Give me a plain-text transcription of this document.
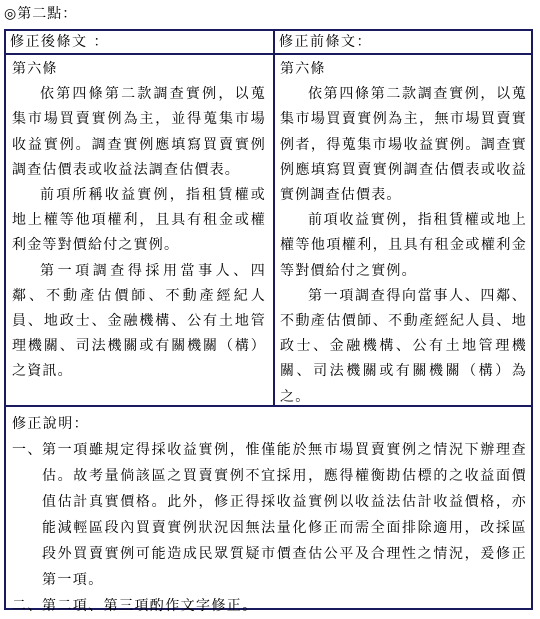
◎第二點：
修正後條文 ：	修正前條文：
第六條

依第四條第二款調查實例，以蒐集市場買賣實例為主，並得蒐集市場收益實例。調查實例應填寫買賣實例調查估價表或收益法調查估價表。

前項所稱收益實例，指租賃權或地上權等他項權利，且具有租金或權利金等對價給付之實例。

第一項調查得採用當事人、四鄰、不動產估價師、不動產經紀人員、地政士、金融機構、公有土地管理機關、司法機關或有關機關（構）之資訊。

第六條

依第四條第二款調查實例，以蒐集市場買賣實例為主，無市場買賣實例者，得蒐集市場收益實例。調查實例應填寫買賣實例調查估價表或收益實例調查估價表。

前項收益實例，指租賃權或地上權等他項權利，且具有租金或權利金等對價給付之實例。

第一項調查得向當事人、四鄰、不動產估價師、不動產經紀人員、地政士、金融機構、公有土地管理機關、司法機關或有關機關（構）為之。

修正說明：
一、 第一項雖規定得採收益實例，惟僅能於無市場買賣實例之情況下辦理查估。故考量倘該區之買賣實例不宜採用，應得權衡勘估標的之收益面價值估計真實價格。此外，修正得採收益實例以收益法估計收益價格，亦能減輕區段內買賣實例狀況因無法量化修正而需全面排除適用，改採區段外買賣實例可能造成民眾質疑市價查估公平及合理性之情況，爰修正第一項。
二、 第二項、第三項酌作文字修正。
